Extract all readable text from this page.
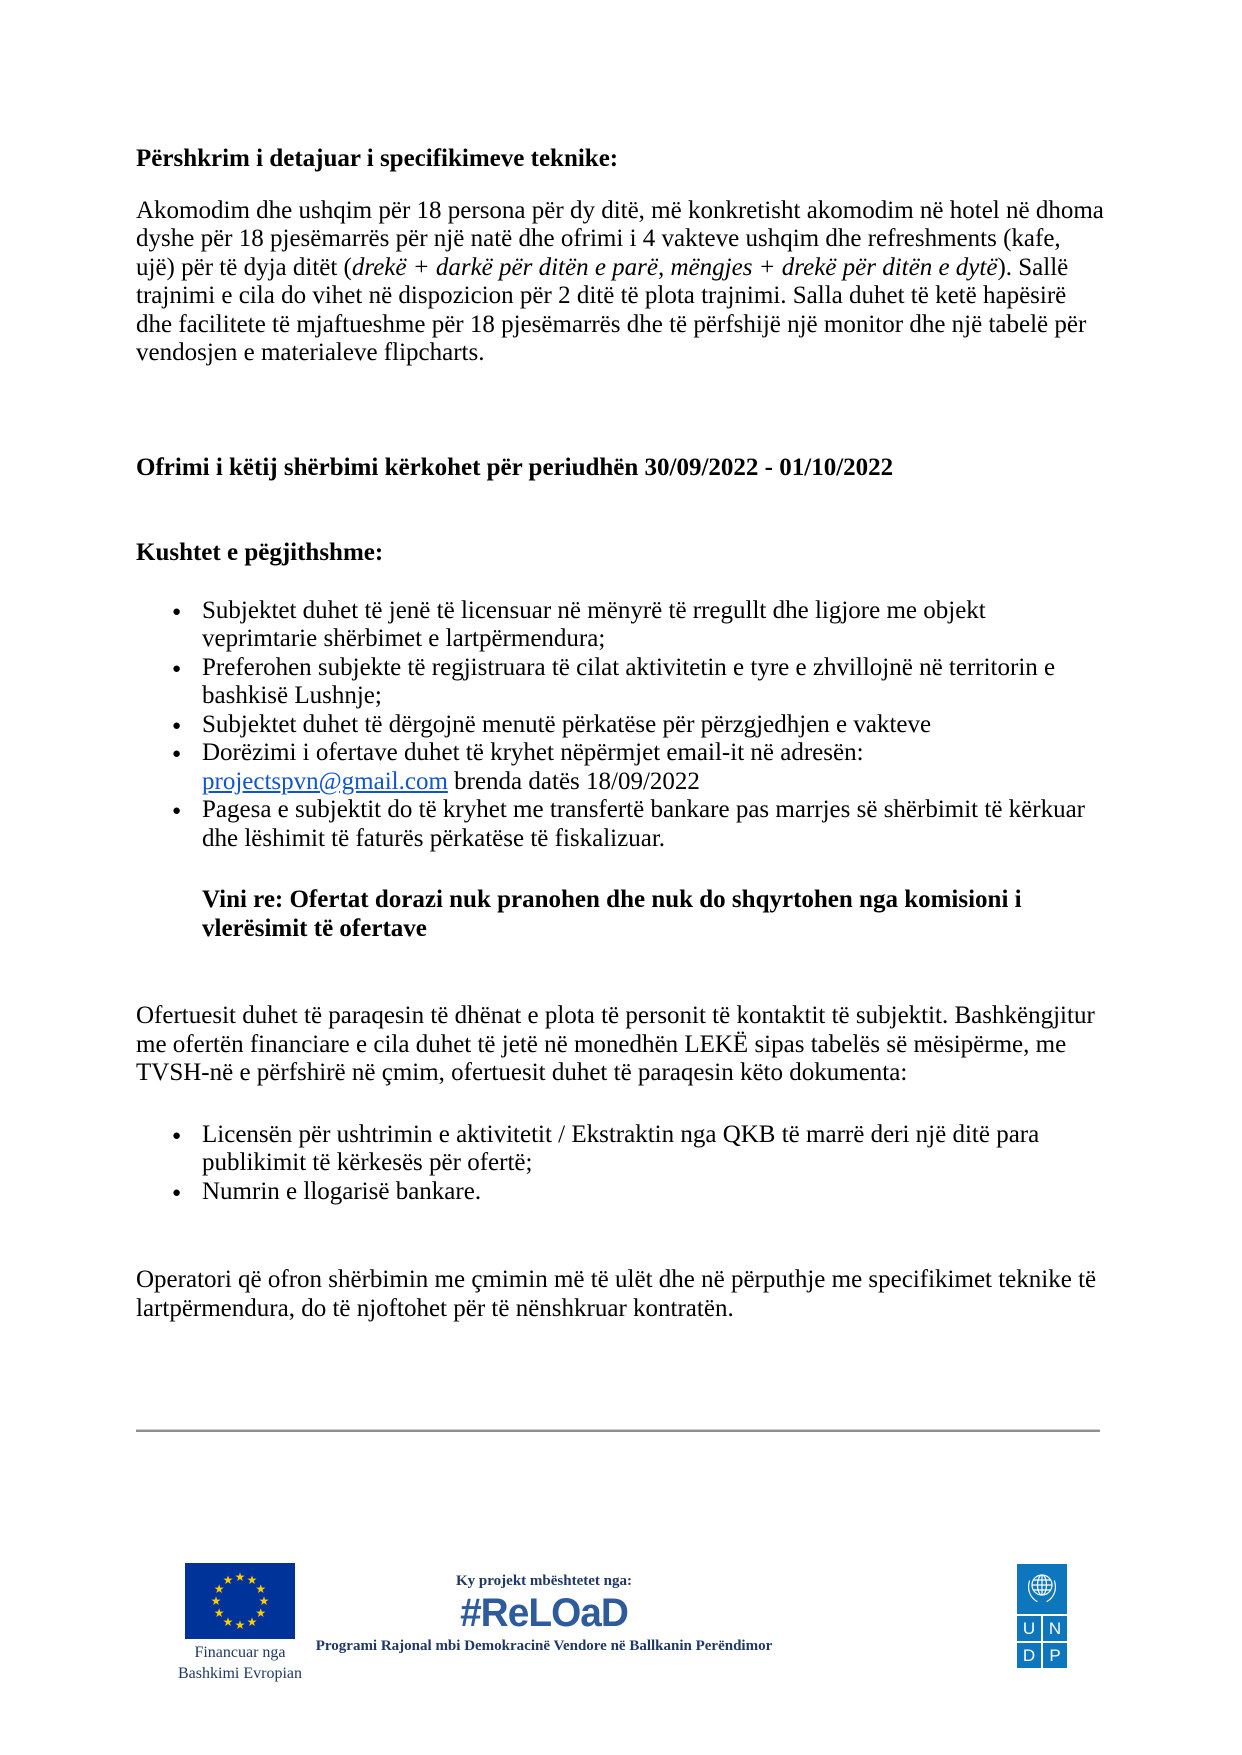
Përshkrim i detajuar i specifikimeve teknike:

Akomodim dhe ushqim për 18 persona për dy ditë, më konkretisht akomodim në hotel në dhoma dyshe për 18 pjesëmarrës për një natë dhe ofrimi i 4 vakteve ushqim dhe refreshments (kafe, ujë) për të dyja ditët (drekë + darkë për ditën e parë, mëngjes + drekë për ditën e dytë). Sallë trajnimi e cila do vihet në dispozicion për 2 ditë të plota trajnimi. Salla duhet të ketë hapësirë dhe facilitete të mjaftueshme për 18 pjesëmarrës dhe të përfshijë një monitor dhe një tabelë për vendosjen e materialeve flipcharts.

Ofrimi i këtij shërbimi kërkohet për periudhën 30/09/2022 - 01/10/2022

Kushtet e pëgjithshme:

● Subjektet duhet të jenë të licensuar në mënyrë të rregullt dhe ligjore me objekt veprimtarie shërbimet e lartpërmendura;
● Preferohen subjekte të regjistruara të cilat aktivitetin e tyre e zhvillojnë në territorin e bashkisë Lushnje;
● Subjektet duhet të dërgojnë menutë përkatëse për përzgjedhjen e vakteve
● Dorëzimi i ofertave duhet të kryhet nëpërmjet email-it në adresën: projectspvn@gmail.com brenda datës 18/09/2022
● Pagesa e subjektit do të kryhet me transfertë bankare pas marrjes së shërbimit të kërkuar dhe lëshimit të faturës përkatëse të fiskalizuar.

Vini re: Ofertat dorazi nuk pranohen dhe nuk do shqyrtohen nga komisioni i vlerësimit të ofertave

Ofertuesit duhet të paraqesin të dhënat e plota të personit të kontaktit të subjektit. Bashkëngjitur me ofertën financiare e cila duhet të jetë në monedhën LEKË sipas tabelës së mësipërme, me TVSH-në e përfshirë në çmim, ofertuesit duhet të paraqesin këto dokumenta:

● Licensën për ushtrimin e aktivitetit / Ekstraktin nga QKB të marrë deri një ditë para publikimit të kërkesës për ofertë;
● Numrin e llogarisë bankare.

Operatori që ofron shërbimin me çmimin më të ulët dhe në përputhje me specifikimet teknike të lartpërmendura, do të njoftohet për të nënshkruar kontratën.

★ ★
★
★
★
★
★
★
★
★
★
★
Financuar nga
Bashkimi Evropian
Ky projekt mbështetet nga:
#ReLOaD
Programi Rajonal mbi Demokracinë Vendore në Ballkanin Perëndimor
U N
D P
